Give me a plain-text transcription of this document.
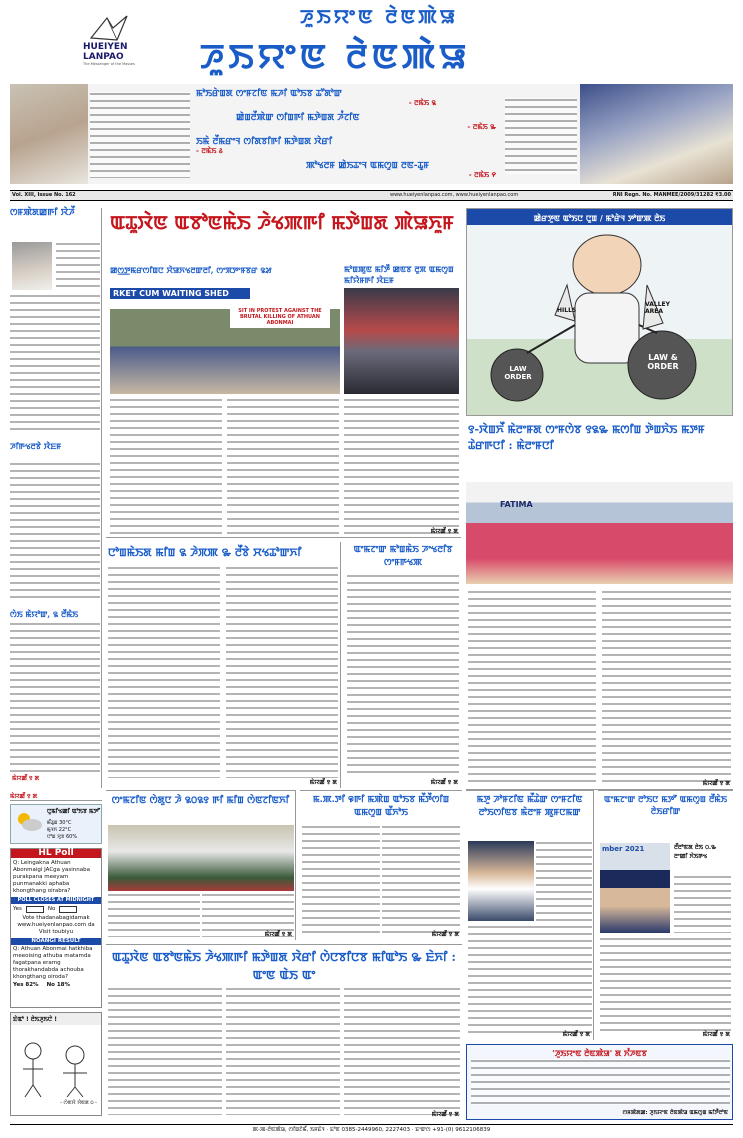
HUEIYEN LANPAO
The Messenger of the Masses
ꯍꯨꯏꯌꯦꯟ ꯂꯥꯟꯄꯥꯎ
ꯍꯨꯏꯌꯦꯟ ꯂꯥꯟꯄꯥꯎ
ꯃꯣꯏꯔꯥꯡꯗ ꯁꯦꯝꯖꯤꯟ ꯃꯍꯤ ꯑꯣꯏꯕ ꯊꯧꯗꯣꯛ
- ꯂꯃꯥꯏ ꯲
ꯀꯥꯡꯂꯩꯄꯥꯛ ꯁꯤꯡꯒꯤ ꯃꯇꯥꯡꯗ ꯍꯪꯖꯤꯟ
- ꯂꯃꯥꯏ ꯳
ꯏꯃꯥ ꯂꯩꯃꯔꯦꯜ ꯁꯤꯗꯕꯤꯒꯤ ꯃꯇꯥꯡꯗ ꯋꯥꯔꯤ
- ꯂꯃꯥꯏ ꯴
ꯄꯣꯠꯂꯝ ꯀꯥꯏꯊꯦꯜ ꯑꯃꯁꯨꯡ ꯂꯟ-ꯊꯨꯝ
- ꯂꯃꯥꯏ ꯵
Vol. XIII, Issue No. 162	www.hueiyenlanpao.com, www.hueiyenlanpao.com	RNI Regn. No. MANMEE/2009/31282 ₹3.00
ꯁꯝꯄꯥꯗꯀꯒꯤ ꯋꯥꯍꯩ
ꯍꯤꯒꯠꯂꯕꯥ ꯋꯥꯐꯝ
ꯁꯥꯏ ꯃꯥꯌꯣꯛ, ꯲ ꯂꯩꯃꯥꯏ
ꯃꯥꯌꯀꯩ ꯱ ꯗ
ꯑꯊꯨꯋꯥꯟ ꯑꯕꯣꯟꯃꯥꯏ ꯍꯥꯠꯄꯒꯤ ꯃꯇꯥꯡꯗ ꯄꯥꯎꯈꯨꯝ
ꯀꯁ꯭ꯇꯃꯔꯁꯤꯡꯅ ꯆꯥꯎꯈꯠꯂꯛꯂꯤ, ꯁꯦꯞꯇꯦꯝꯕꯔ ꯲꯷	ꯃꯣꯡꯄꯨꯟ ꯃꯤꯇꯩ ꯀꯟꯕ ꯂꯨꯞ ꯑꯃꯁꯨꯡ ꯃꯤꯌꯥꯝꯒꯤ ꯋꯥꯐꯝ
RKET CUM WAITING SHED
SIT IN PROTEST AGAINST THE BRUTAL KILLING OF ATHUAN ABONMAI
ꯃꯥꯌꯀꯩ ꯱ ꯗ
ꯀꯥꯔꯇꯨꯟ ꯑꯣꯏꯅ ꯅꯨꯡ / ꯃꯣꯔꯥꯜ ꯇꯣꯛꯄ ꯂꯥꯏ
HILLS
VALLEY AREA
LAW ORDER
LAW & ORDER
꯱-ꯋꯥꯡꯈꯩ ꯃꯥꯂꯦꯝꯗ ꯁꯦꯝꯁꯥꯕ ꯱꯲꯳ ꯃꯁꯤꯡ ꯇꯥꯡꯈꯥꯏ ꯃꯇꯝ ꯊꯥꯔꯒꯅꯤ : ꯃꯥꯂꯦꯝꯅꯤ
FATIMA
ꯃꯥꯌꯀꯩ ꯱ ꯗ
ꯅꯣꯡꯃꯥꯏꯗ ꯃꯤꯡ ꯲ ꯍꯥꯞꯄ ꯳ ꯂꯩꯕꯥ ꯆꯠꯊꯣꯛꯈꯤ
ꯃꯥꯌꯀꯩ ꯱ ꯗ
ꯑꯦꯃꯖꯦꯛ ꯃꯣꯡꯃꯥꯏ ꯍꯦꯠꯂꯤꯕ ꯁꯦꯝꯒꯠꯄ
ꯃꯥꯌꯀꯩ ꯱ ꯗ
ꯃꯥꯌꯀꯩ ꯱ ꯗ
ꯅꯨꯃꯤꯠꯀꯤ ꯑꯣꯏꯕ ꯃꯇꯧ
ꯃꯩꯊꯨꯡ 30°C
ꯃꯨꯜꯈ 22°C
ꯅꯣꯡ ꯆꯨꯕ 60%
HL Poll
Q: Leingakna Athuan Abonmaigi JACga yasinnaba purakpana meeyam punmanakki aphaba khongthang oirabra?
POLL CLOSES AT MIDNIGHT
Yes	No
Vote thadanabagidamak www.hueiyenlanpao.com da Visit toubiyu
NOANGI RESULT
Q: Athuan Abonmai hatkhiba meeoising athuba matamda fagatpana eramg thorakhandabda achouba khongthang oiroda?
Yes 82% No 18%
ꯐꯥꯑꯣ ! ꯂꯥꯏꯍꯨꯏꯅꯥ !
- ꯁꯥꯟꯋꯥ ꯆꯥꯟꯗ ꯰ -
ꯁꯦꯃꯖꯤꯟ ꯁꯥꯗꯨꯅ ꯍꯥ ꯲꯰꯲꯱ ꯒꯤ ꯃꯤꯡ ꯁꯥꯟꯖꯤꯟꯈꯤ
ꯃꯥꯌꯀꯩ ꯱ ꯗ
ꯃ.ꯄ.ꯇꯤ ꯶ꯒꯤ ꯃꯄꯥꯡ ꯑꯣꯏꯕ ꯃꯩꯇꯩꯁꯤꯡ ꯑꯃꯁꯨꯡ ꯑꯩꯈꯣꯏ
ꯃꯥꯌꯀꯩ ꯱ ꯗ
ꯃꯇꯨ ꯍꯣꯝꯖꯤꯟ ꯃꯩꯊꯥꯛ ꯁꯦꯝꯖꯤꯟ ꯂꯣꯏꯁꯤꯟꯕ ꯃꯥꯂꯦꯝ ꯄꯨꯝꯅꯃꯛ
ꯃꯥꯌꯀꯩ ꯱ ꯗ
ꯑꯦꯃꯖꯦꯛ ꯂꯣꯏꯅ ꯃꯇꯧ ꯑꯃꯁꯨꯡ ꯂꯩꯃꯥꯏ ꯂꯥꯏꯔꯤꯛ
mber 2021	ꯂꯩꯂꯣꯟꯗ ꯂꯥꯏ ꯰.꯳ ꯂꯦꯀꯤ ꯈꯥꯏꯒꯠ
ꯃꯥꯌꯀꯩ ꯱ ꯗ
ꯑꯊꯨꯋꯥꯟ ꯑꯕꯣꯟꯃꯥꯏ ꯍꯥꯠꯄꯒꯤ ꯃꯇꯥꯡꯗ ꯋꯥꯔꯤ ꯁꯥꯅꯕꯤꯅꯕ ꯃꯤꯑꯣꯏ ꯳ ꯐꯥꯈꯤ : ꯑꯦꯟ ꯑꯥꯏ ꯑꯦ
ꯃꯥꯌꯀꯩ ꯱ ꯗ
'ꯍꯨꯏꯌꯦꯟ ꯂꯥꯟꯄꯥꯎ' ꯗ ꯈꯪꯍꯟꯕ
ꯁꯝꯄꯥꯗꯀ: ꯍꯨꯏꯌꯦꯟ ꯂꯥꯟꯄꯥꯎ ꯑꯃꯁꯨꯡ ꯃꯤꯇꯩꯂꯣꯟ
ꯄ-ꯄ-ꯂꯥꯟꯄꯥꯎ, ꯁꯤꯡꯖꯥꯃꯩ, ꯏꯝꯐꯥꯜ · ꯐꯣꯟ 0385-2449960, 2227403 · ꯐꯦꯛꯁ +91-(0) 9612106839
